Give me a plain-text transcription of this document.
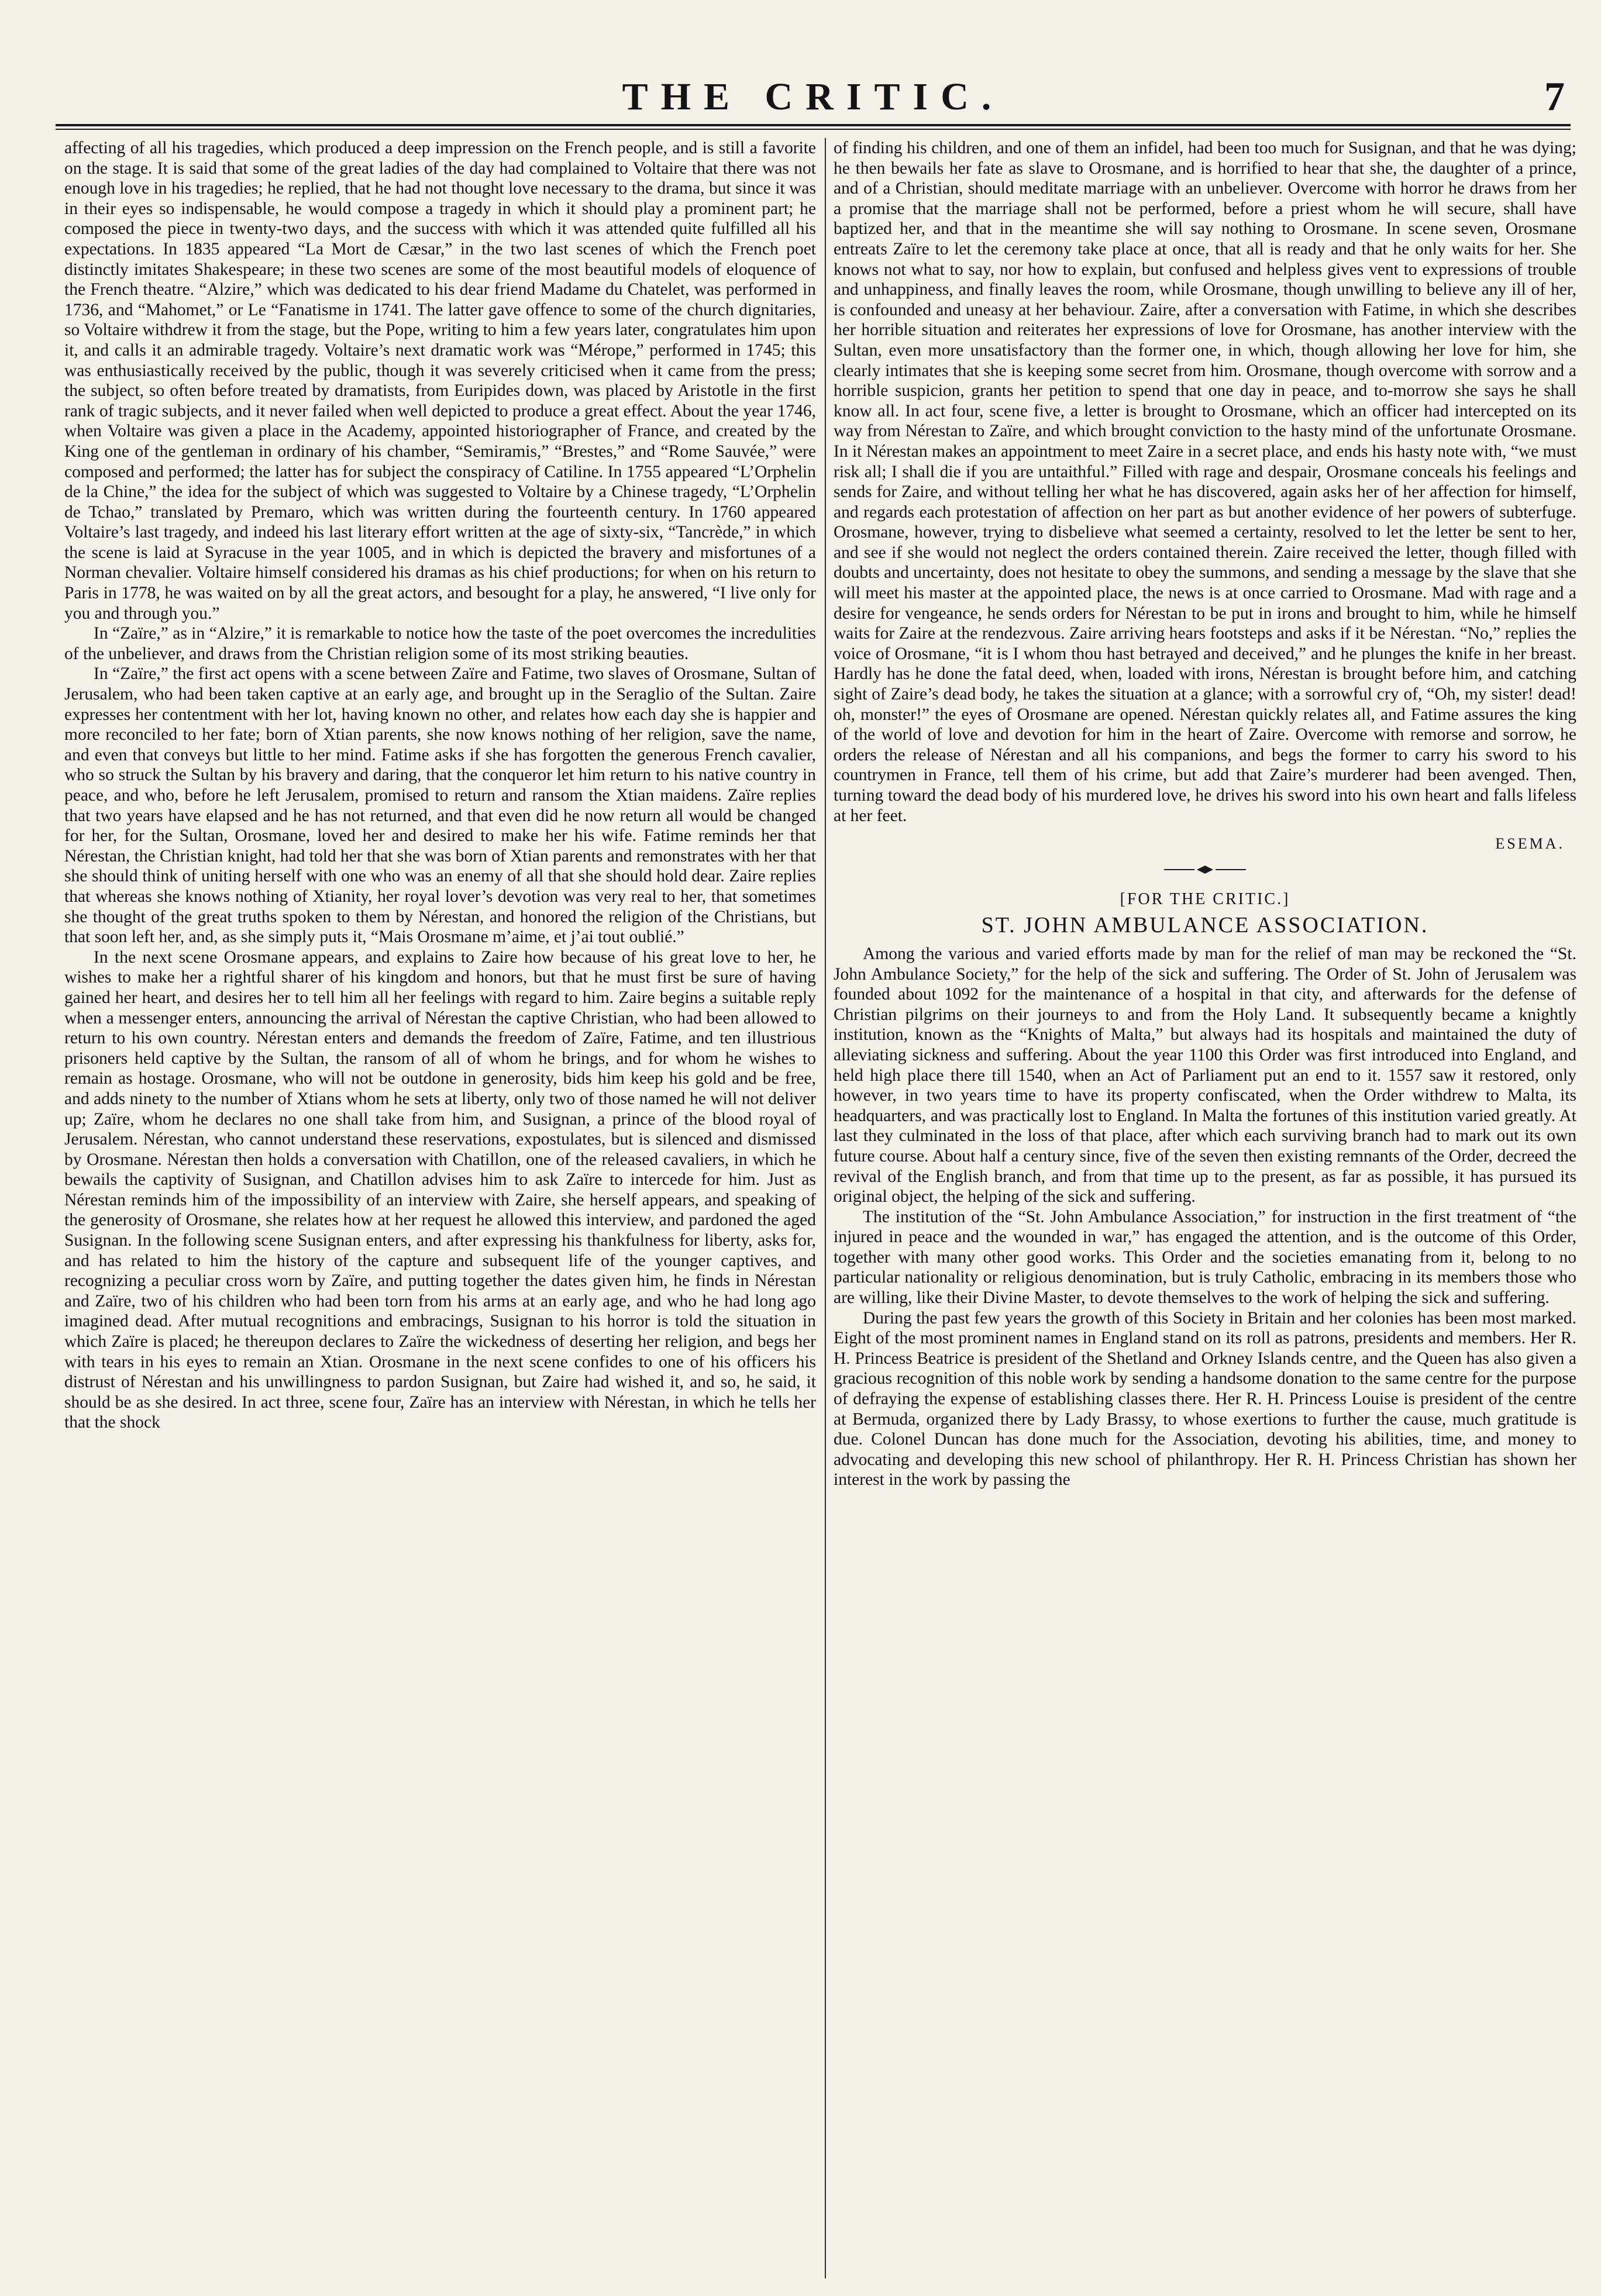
THE CRITIC.	7

affecting of all his tragedies, which produced a deep impression on the French people, and is still a favorite on the stage. It is said that some of the great ladies of the day had complained to Voltaire that there was not enough love in his tragedies; he replied, that he had not thought love necessary to the drama, but since it was in their eyes so indispensable, he would compose a tragedy in which it should play a prominent part; he composed the piece in twenty-two days, and the success with which it was attended quite fulfilled all his expectations. In 1835 appeared “La Mort de Cæsar,” in the two last scenes of which the French poet distinctly imitates Shakespeare; in these two scenes are some of the most beautiful models of eloquence of the French theatre. “Alzire,” which was dedicated to his dear friend Madame du Chatelet, was performed in 1736, and “Mahomet,” or Le “Fanatisme in 1741. The latter gave offence to some of the church dignitaries, so Voltaire withdrew it from the stage, but the Pope, writing to him a few years later, congratulates him upon it, and calls it an admirable tragedy. Voltaire’s next dramatic work was “Mérope,” performed in 1745; this was enthusiastically received by the public, though it was severely criticised when it came from the press; the subject, so often before treated by dramatists, from Euripides down, was placed by Aristotle in the first rank of tragic subjects, and it never failed when well depicted to produce a great effect. About the year 1746, when Voltaire was given a place in the Academy, appointed historiographer of France, and created by the King one of the gentleman in ordinary of his chamber, “Semiramis,” “Brestes,” and “Rome Sauvée,” were composed and performed; the latter has for subject the conspiracy of Catiline. In 1755 appeared “L’Orphelin de la Chine,” the idea for the subject of which was suggested to Voltaire by a Chinese tragedy, “L’Orphelin de Tchao,” translated by Premaro, which was written during the fourteenth century. In 1760 appeared Voltaire’s last tragedy, and indeed his last literary effort written at the age of sixty-six, “Tancrède,” in which the scene is laid at Syracuse in the year 1005, and in which is depicted the bravery and misfortunes of a Norman chevalier. Voltaire himself considered his dramas as his chief productions; for when on his return to Paris in 1778, he was waited on by all the great actors, and besought for a play, he answered, “I live only for you and through you.”

In “Zaïre,” as in “Alzire,” it is remarkable to notice how the taste of the poet overcomes the incredulities of the unbeliever, and draws from the Christian religion some of its most striking beauties.

In “Zaïre,” the first act opens with a scene between Zaïre and Fatime, two slaves of Orosmane, Sultan of Jerusalem, who had been taken captive at an early age, and brought up in the Seraglio of the Sultan. Zaire expresses her contentment with her lot, having known no other, and relates how each day she is happier and more reconciled to her fate; born of Xtian parents, she now knows nothing of her religion, save the name, and even that conveys but little to her mind. Fatime asks if she has forgotten the generous French cavalier, who so struck the Sultan by his bravery and daring, that the conqueror let him return to his native country in peace, and who, before he left Jerusalem, promised to return and ransom the Xtian maidens. Zaïre replies that two years have elapsed and he has not returned, and that even did he now return all would be changed for her, for the Sultan, Orosmane, loved her and desired to make her his wife. Fatime reminds her that Nérestan, the Christian knight, had told her that she was born of Xtian parents and remonstrates with her that she should think of uniting herself with one who was an enemy of all that she should hold dear. Zaire replies that whereas she knows nothing of Xtianity, her royal lover’s devotion was very real to her, that sometimes she thought of the great truths spoken to them by Nérestan, and honored the religion of the Christians, but that soon left her, and, as she simply puts it, “Mais Orosmane m’aime, et j’ai tout oublié.”

In the next scene Orosmane appears, and explains to Zaire how because of his great love to her, he wishes to make her a rightful sharer of his kingdom and honors, but that he must first be sure of having gained her heart, and desires her to tell him all her feelings with regard to him. Zaire begins a suitable reply when a messenger enters, announcing the arrival of Nérestan the captive Christian, who had been allowed to return to his own country. Nérestan enters and demands the freedom of Zaïre, Fatime, and ten illustrious prisoners held captive by the Sultan, the ransom of all of whom he brings, and for whom he wishes to remain as hostage. Orosmane, who will not be outdone in generosity, bids him keep his gold and be free, and adds ninety to the number of Xtians whom he sets at liberty, only two of those named he will not deliver up; Zaïre, whom he declares no one shall take from him, and Susignan, a prince of the blood royal of Jerusalem. Nérestan, who cannot understand these reservations, expostulates, but is silenced and dismissed by Orosmane. Nérestan then holds a conversation with Chatillon, one of the released cavaliers, in which he bewails the captivity of Susignan, and Chatillon advises him to ask Zaïre to intercede for him. Just as Nérestan reminds him of the impossibility of an interview with Zaire, she herself appears, and speaking of the generosity of Orosmane, she relates how at her request he allowed this interview, and pardoned the aged Susignan. In the following scene Susignan enters, and after expressing his thankfulness for liberty, asks for, and has related to him the history of the capture and subsequent life of the younger captives, and recognizing a peculiar cross worn by Zaïre, and putting together the dates given him, he finds in Nérestan and Zaïre, two of his children who had been torn from his arms at an early age, and who he had long ago imagined dead. After mutual recognitions and embracings, Susignan to his horror is told the situation in which Zaïre is placed; he thereupon declares to Zaïre the wickedness of deserting her religion, and begs her with tears in his eyes to remain an Xtian. Orosmane in the next scene confides to one of his officers his distrust of Nérestan and his unwillingness to pardon Susignan, but Zaire had wished it, and so, he said, it should be as she desired. In act three, scene four, Zaïre has an interview with Nérestan, in which he tells her that the shock

of finding his children, and one of them an infidel, had been too much for Susignan, and that he was dying; he then bewails her fate as slave to Orosmane, and is horrified to hear that she, the daughter of a prince, and of a Christian, should meditate marriage with an unbeliever. Overcome with horror he draws from her a promise that the marriage shall not be performed, before a priest whom he will secure, shall have baptized her, and that in the meantime she will say nothing to Orosmane. In scene seven, Orosmane entreats Zaïre to let the ceremony take place at once, that all is ready and that he only waits for her. She knows not what to say, nor how to explain, but confused and helpless gives vent to expressions of trouble and unhappiness, and finally leaves the room, while Orosmane, though unwilling to believe any ill of her, is confounded and uneasy at her behaviour. Zaire, after a conversation with Fatime, in which she describes her horrible situation and reiterates her expressions of love for Orosmane, has another interview with the Sultan, even more unsatisfactory than the former one, in which, though allowing her love for him, she clearly intimates that she is keeping some secret from him. Orosmane, though overcome with sorrow and a horrible suspicion, grants her petition to spend that one day in peace, and to-morrow she says he shall know all. In act four, scene five, a letter is brought to Orosmane, which an officer had intercepted on its way from Nérestan to Zaïre, and which brought conviction to the hasty mind of the unfortunate Orosmane. In it Nérestan makes an appointment to meet Zaire in a secret place, and ends his hasty note with, “we must risk all; I shall die if you are untaithful.” Filled with rage and despair, Orosmane conceals his feelings and sends for Zaire, and without telling her what he has discovered, again asks her of her affection for himself, and regards each protestation of affection on her part as but another evidence of her powers of subterfuge. Orosmane, however, trying to disbelieve what seemed a certainty, resolved to let the letter be sent to her, and see if she would not neglect the orders contained therein. Zaire received the letter, though filled with doubts and uncertainty, does not hesitate to obey the summons, and sending a message by the slave that she will meet his master at the appointed place, the news is at once carried to Orosmane. Mad with rage and a desire for vengeance, he sends orders for Nérestan to be put in irons and brought to him, while he himself waits for Zaire at the rendezvous. Zaire arriving hears footsteps and asks if it be Nérestan. “No,” replies the voice of Orosmane, “it is I whom thou hast betrayed and deceived,” and he plunges the knife in her breast. Hardly has he done the fatal deed, when, loaded with irons, Nérestan is brought before him, and catching sight of Zaire’s dead body, he takes the situation at a glance; with a sorrowful cry of, “Oh, my sister! dead! oh, monster!” the eyes of Orosmane are opened. Nérestan quickly relates all, and Fatime assures the king of the world of love and devotion for him in the heart of Zaire. Overcome with remorse and sorrow, he orders the release of Nérestan and all his companions, and begs the former to carry his sword to his countrymen in France, tell them of his crime, but add that Zaire’s murderer had been avenged. Then, turning toward the dead body of his murdered love, he drives his sword into his own heart and falls lifeless at her feet.

ESEMA.
[FOR THE CRITIC.]
ST. JOHN AMBULANCE ASSOCIATION.

Among the various and varied efforts made by man for the relief of man may be reckoned the “St. John Ambulance Society,” for the help of the sick and suffering. The Order of St. John of Jerusalem was founded about 1092 for the maintenance of a hospital in that city, and afterwards for the defense of Christian pilgrims on their journeys to and from the Holy Land. It subsequently became a knightly institution, known as the “Knights of Malta,” but always had its hospitals and maintained the duty of alleviating sickness and suffering. About the year 1100 this Order was first introduced into England, and held high place there till 1540, when an Act of Parliament put an end to it. 1557 saw it restored, only however, in two years time to have its property confiscated, when the Order withdrew to Malta, its headquarters, and was practically lost to England. In Malta the fortunes of this institution varied greatly. At last they culminated in the loss of that place, after which each surviving branch had to mark out its own future course. About half a century since, five of the seven then existing remnants of the Order, decreed the revival of the English branch, and from that time up to the present, as far as possible, it has pursued its original object, the helping of the sick and suffering.

The institution of the “St. John Ambulance Association,” for instruction in the first treatment of “the injured in peace and the wounded in war,” has engaged the attention, and is the outcome of this Order, together with many other good works. This Order and the societies emanating from it, belong to no particular nationality or religious denomination, but is truly Catholic, embracing in its members those who are willing, like their Divine Master, to devote themselves to the work of helping the sick and suffering.

During the past few years the growth of this Society in Britain and her colonies has been most marked. Eight of the most prominent names in England stand on its roll as patrons, presidents and members. Her R. H. Princess Beatrice is president of the Shetland and Orkney Islands centre, and the Queen has also given a gracious recognition of this noble work by sending a handsome donation to the same centre for the purpose of defraying the expense of establishing classes there. Her R. H. Princess Louise is president of the centre at Bermuda, organized there by Lady Brassy, to whose exertions to further the cause, much gratitude is due. Colonel Duncan has done much for the Association, devoting his abilities, time, and money to advocating and developing this new school of philanthropy. Her R. H. Princess Christian has shown her interest in the work by passing the
